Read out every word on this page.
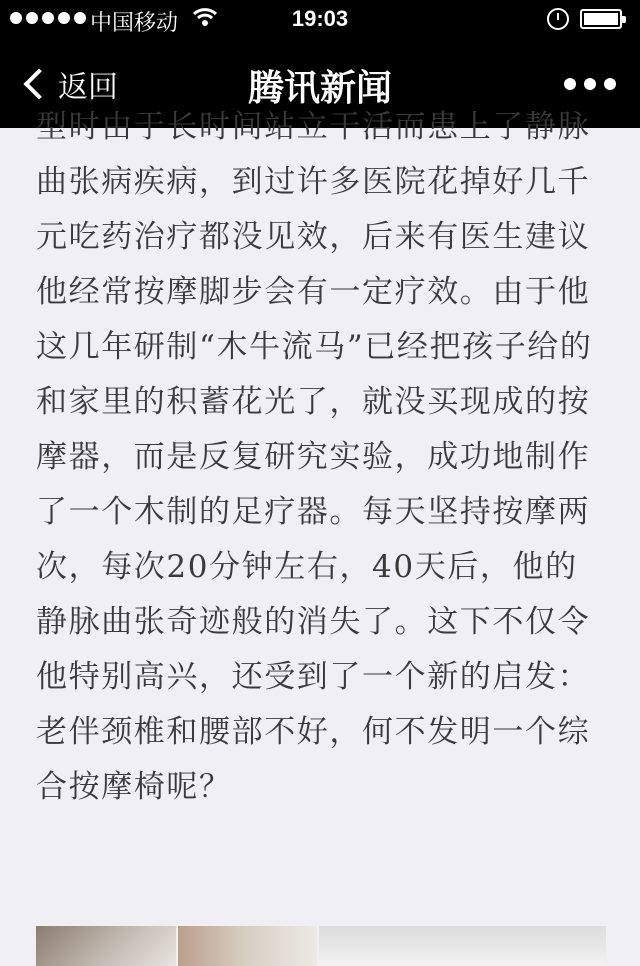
中国移动	19:03
返回	腾讯新闻

型时由于长时间站立干活而患上了静脉曲张病疾病，到过许多医院花掉好几千元吃药治疗都没见效，后来有医生建议他经常按摩脚步会有一定疗效。由于他这几年研制“木牛流马”已经把孩子给的和家里的积蓄花光了，就没买现成的按摩器，而是反复研究实验，成功地制作了一个木制的足疗器。每天坚持按摩两次，每次20分钟左右，40天后，他的静脉曲张奇迹般的消失了。这下不仅令他特别高兴，还受到了一个新的启发：老伴颈椎和腰部不好，何不发明一个综合按摩椅呢？
